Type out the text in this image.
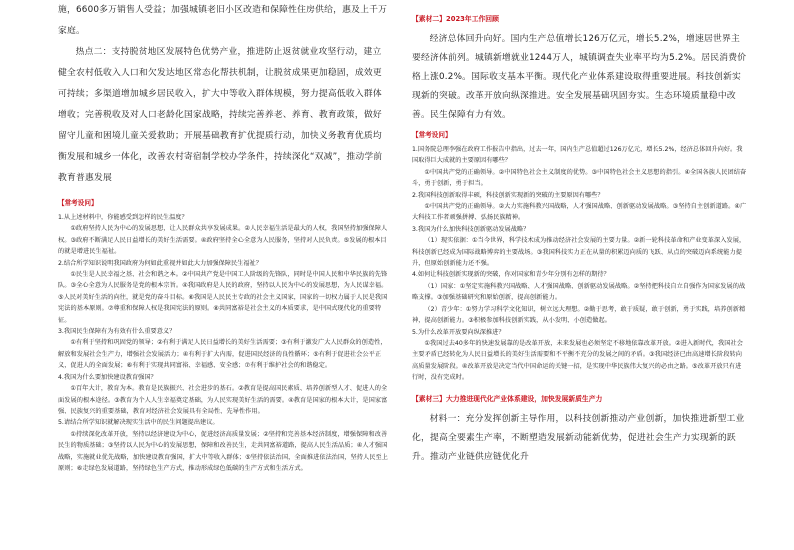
施，6600多万销售人受益；加强城镇老旧小区改造和保障性住房供给，惠及上千万家庭。

热点二：支持脱贫地区发展特色优势产业，推进防止返贫就业攻坚行动，建立健全农村低收入人口和欠发达地区常态化帮扶机制，让脱贫成果更加稳固，成效更可持续；多渠道增加城乡居民收入，扩大中等收入群体规模，努力提高低收入群体增收；完善税收及对人口老龄化国家战略，持续完善养老、养育、教育政策，做好留守儿童和困境儿童关爱救助；开展基础教育扩优提质行动，加快义务教育优质均衡发展和城乡一体化，改善农村寄宿制学校办学条件，持续深化“双减”，推动学前教育普惠发展

【常考设问】

1.从上述材料中，你能感受到怎样的民生温度？

①政府坚持人民为中心的发展思想，让人民群众共享发展成果。②人民幸福生活是最大的人权，我国坚持加强保障人权。③政府不断满足人民日益增长的美好生活需要。④政府坚持全心全意为人民服务，坚持对人民负责。⑤发展的根本目的就是增进民生福祉。

2.结合所学知识说明我国政府为何如此重视并如此大力加强保障民生福祉？

①民生是人民幸福之基、社会和谐之本。②中国共产党是中国工人阶级的先锋队，同时是中国人民和中华民族的先锋队。③全心全意为人民服务是党的根本宗旨。④我国政府是人民的政府，坚持以人民为中心的发展思想，为人民谋幸福。⑤人民对美好生活的向往，就是党的奋斗目标。⑥我国是人民民主专政的社会主义国家，国家的一切权力属于人民是我国宪法的基本原则。⑦尊重和保障人权是我国宪法的原则。⑧共同富裕是社会主义的本质要求，是中国式现代化的重要特征。

3.我国民生保障有为有效有什么重要意义？

①有利于坚持和巩固党的领导；②有利于满足人民日益增长的美好生活需要；③有利于激发广大人民群众的创造性，解放和发展社会生产力，增强社会发展活力；④有利于扩大内需，促进国民经济的良性循环；⑤有利于促进社会公平正义，促进人的全面发展；⑥有利于实现共同富裕、幸福感、安全感；⑦有利于维护社会的和谐稳定。

4.我国为什么要加快建设教育强国？

①百年大计，教育为本。教育是民族振兴、社会进步的基石。②教育是提高国民素质、培养创新型人才、促进人的全面发展的根本途径。③教育为个人人生幸福奠定基础，为人民实现美好生活的需要。④教育是国家的根本大计，是国家富强、民族复兴的重要基础，教育对经济社会发展具有全局性、先导性作用。

5.请结合所学知识就解决现实生活中的民生问题提出建议。

①持续深化改革开放，坚持以经济建设为中心，促进经济高质量发展；②坚持和完善基本经济制度，增强保障和改善民生的物质基础；③坚持以人民为中心的发展思想，保障和改善民生，走共同富裕道路，提高人民生活品质；④人才强国战略，实施就业优先战略，加快建设教育强国，扩大中等收入群体；⑤坚持依法治国，全面推进依法治国，坚持人民至上原则；⑥走绿色发展道路，坚持绿色生产方式，推动形成绿色低碳的生产方式和生活方式。

【素材二】2023年工作回顾

经济总体回升向好。国内生产总值增长126万亿元，增长5.2%，增速居世界主要经济体前列。城镇新增就业1244万人，城镇调查失业率平均为5.2%。居民消费价格上涨0.2%。国际收支基本平衡。现代化产业体系建设取得重要进展。科技创新实现新的突破。改革开放向纵深推进。安全发展基础巩固夯实。生态环境质量稳中改善。民生保障有力有效。

【常考设问】

1.国务院总理李强在政府工作报告中指出，过去一年，国内生产总值超过126万亿元，增长5.2%，经济总体回升向好。我国取得巨大成就的主要原因有哪些？

①中国共产党的正确领导。②中国特色社会主义制度的优势。③中国特色社会主义思想的指引。④全国各族人民团结奋斗，勇于创新，勇于担当。

2.我国科技创新取得丰硕，科技创新实现新的突破的主要原因有哪些？

①中国共产党的正确领导。②大力实施科教兴国战略，人才强国战略、创新驱动发展战略。③坚持自主创新道路。④广大科技工作者顽强拼搏、弘扬民族精神。

3.我国为什么加快科技创新驱动发展战略？

（1）现实依据：①当今世界，科学技术成为推动经济社会发展的主要力量。②新一轮科技革命和产业变革深入发展，科技创新已经成为国际战略博弈的主要战场。③我国科技实力正在从量的积累迈向质的飞跃、从点的突破迈向系统能力提升，但原始创新能力还不强。

4.如何让科技创新实现新的突破，你对国家和青少年分别有怎样的期待？

（1）国家：①坚定实施科教兴国战略、人才强国战略、创新驱动发展战略。②坚持把科技自立自强作为国家发展的战略支撑。③加强基础研究和原始创新，提高创新能力。

（2）青少年：①努力学习科学文化知识，树立远大理想。②勤于思考，敢于质疑，敢于创新，勇于实践，培养创新精神，提高创新能力。③积极参加科技创新实践，从小发明、小创造做起。

5.为什么改革开放要向纵深推进？

①我国过去40多年的快速发展靠的是改革开放，未来发展也必须坚定不移地依靠改革开放。②进入新时代，我国社会主要矛盾已经转化为人民日益增长的美好生活需要和不平衡不充分的发展之间的矛盾。③我国经济已由高速增长阶段转向高质量发展阶段。④改革开放是决定当代中国命运的关键一招，是实现中华民族伟大复兴的必由之路。⑤改革开放只有进行时，没有完成时。

【素材三】大力推进现代化产业体系建设，加快发展新质生产力

材料一：充分发挥创新主导作用，以科技创新推动产业创新，加快推进新型工业化，提高全要素生产率，不断塑造发展新动能新优势，促进社会生产力实现新的跃升。推动产业链供应链优化升
